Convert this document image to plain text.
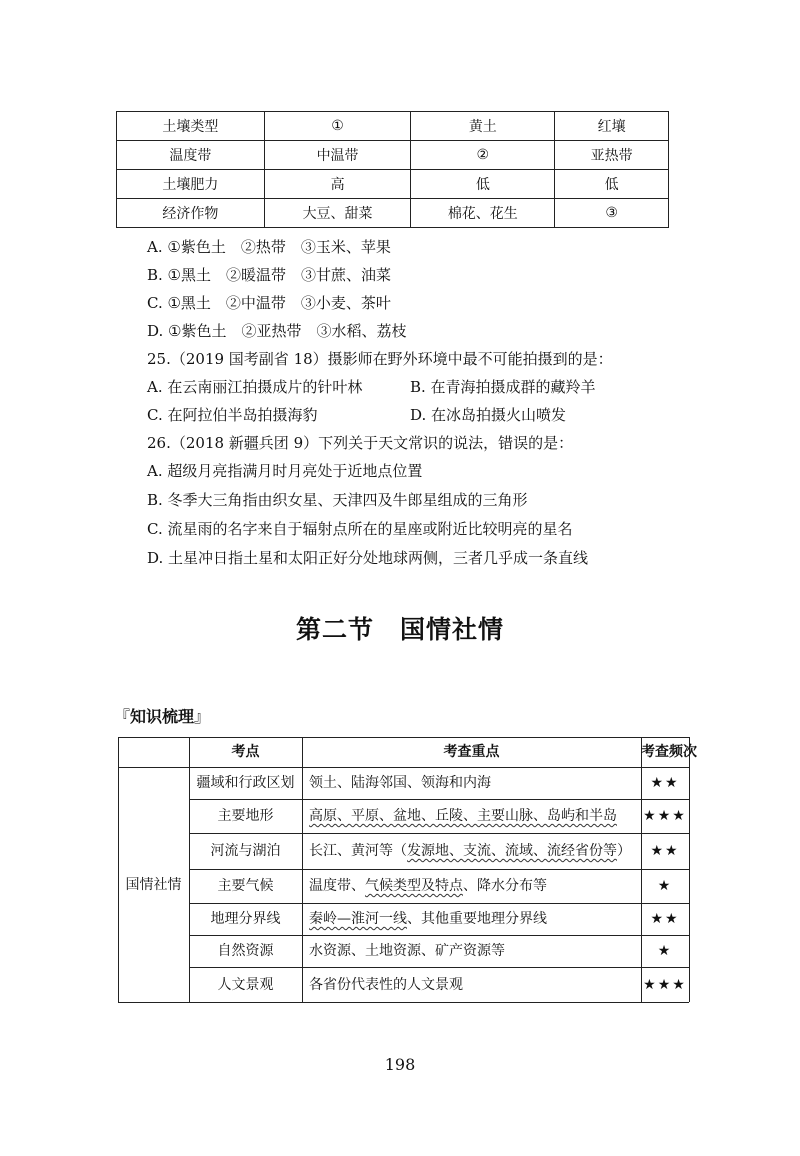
土壤类型	①	黄土	红壤
温度带	中温带	②	亚热带
土壤肥力	高	低	低
经济作物	大豆、甜菜	棉花、花生	③
A. ①紫色土　②热带　③玉米、苹果
B. ①黑土　②暖温带　③甘蔗、油菜
C. ①黑土　②中温带　③小麦、茶叶
D. ①紫色土　②亚热带　③水稻、荔枝
25.（2019 国考副省 18）摄影师在野外环境中最不可能拍摄到的是：
A. 在云南丽江拍摄成片的针叶林	B. 在青海拍摄成群的藏羚羊
C. 在阿拉伯半岛拍摄海豹	D. 在冰岛拍摄火山喷发
26.（2018 新疆兵团 9）下列关于天文常识的说法，错误的是：
A. 超级月亮指满月时月亮处于近地点位置
B. 冬季大三角指由织女星、天津四及牛郎星组成的三角形
C. 流星雨的名字来自于辐射点所在的星座或附近比较明亮的星名
D. 土星冲日指土星和太阳正好分处地球两侧，三者几乎成一条直线
第二节　国情社情
『知识梳理』
考点	考查重点	考查频次
国情社情
疆域和行政区划	领土、陆海邻国、领海和内海	★★
主要地形	高原、平原、盆地、丘陵、主要山脉、岛屿和半岛 ★★★
河流与湖泊	长江、黄河等（发源地、支流、流域、流经省份等）	★★
主要气候	温度带、气候类型及特点、降水分布等	★
地理分界线	秦岭—淮河一线、其他重要地理分界线	★★
自然资源	水资源、土地资源、矿产资源等	★
人文景观	各省份代表性的人文景观	★★★
198
